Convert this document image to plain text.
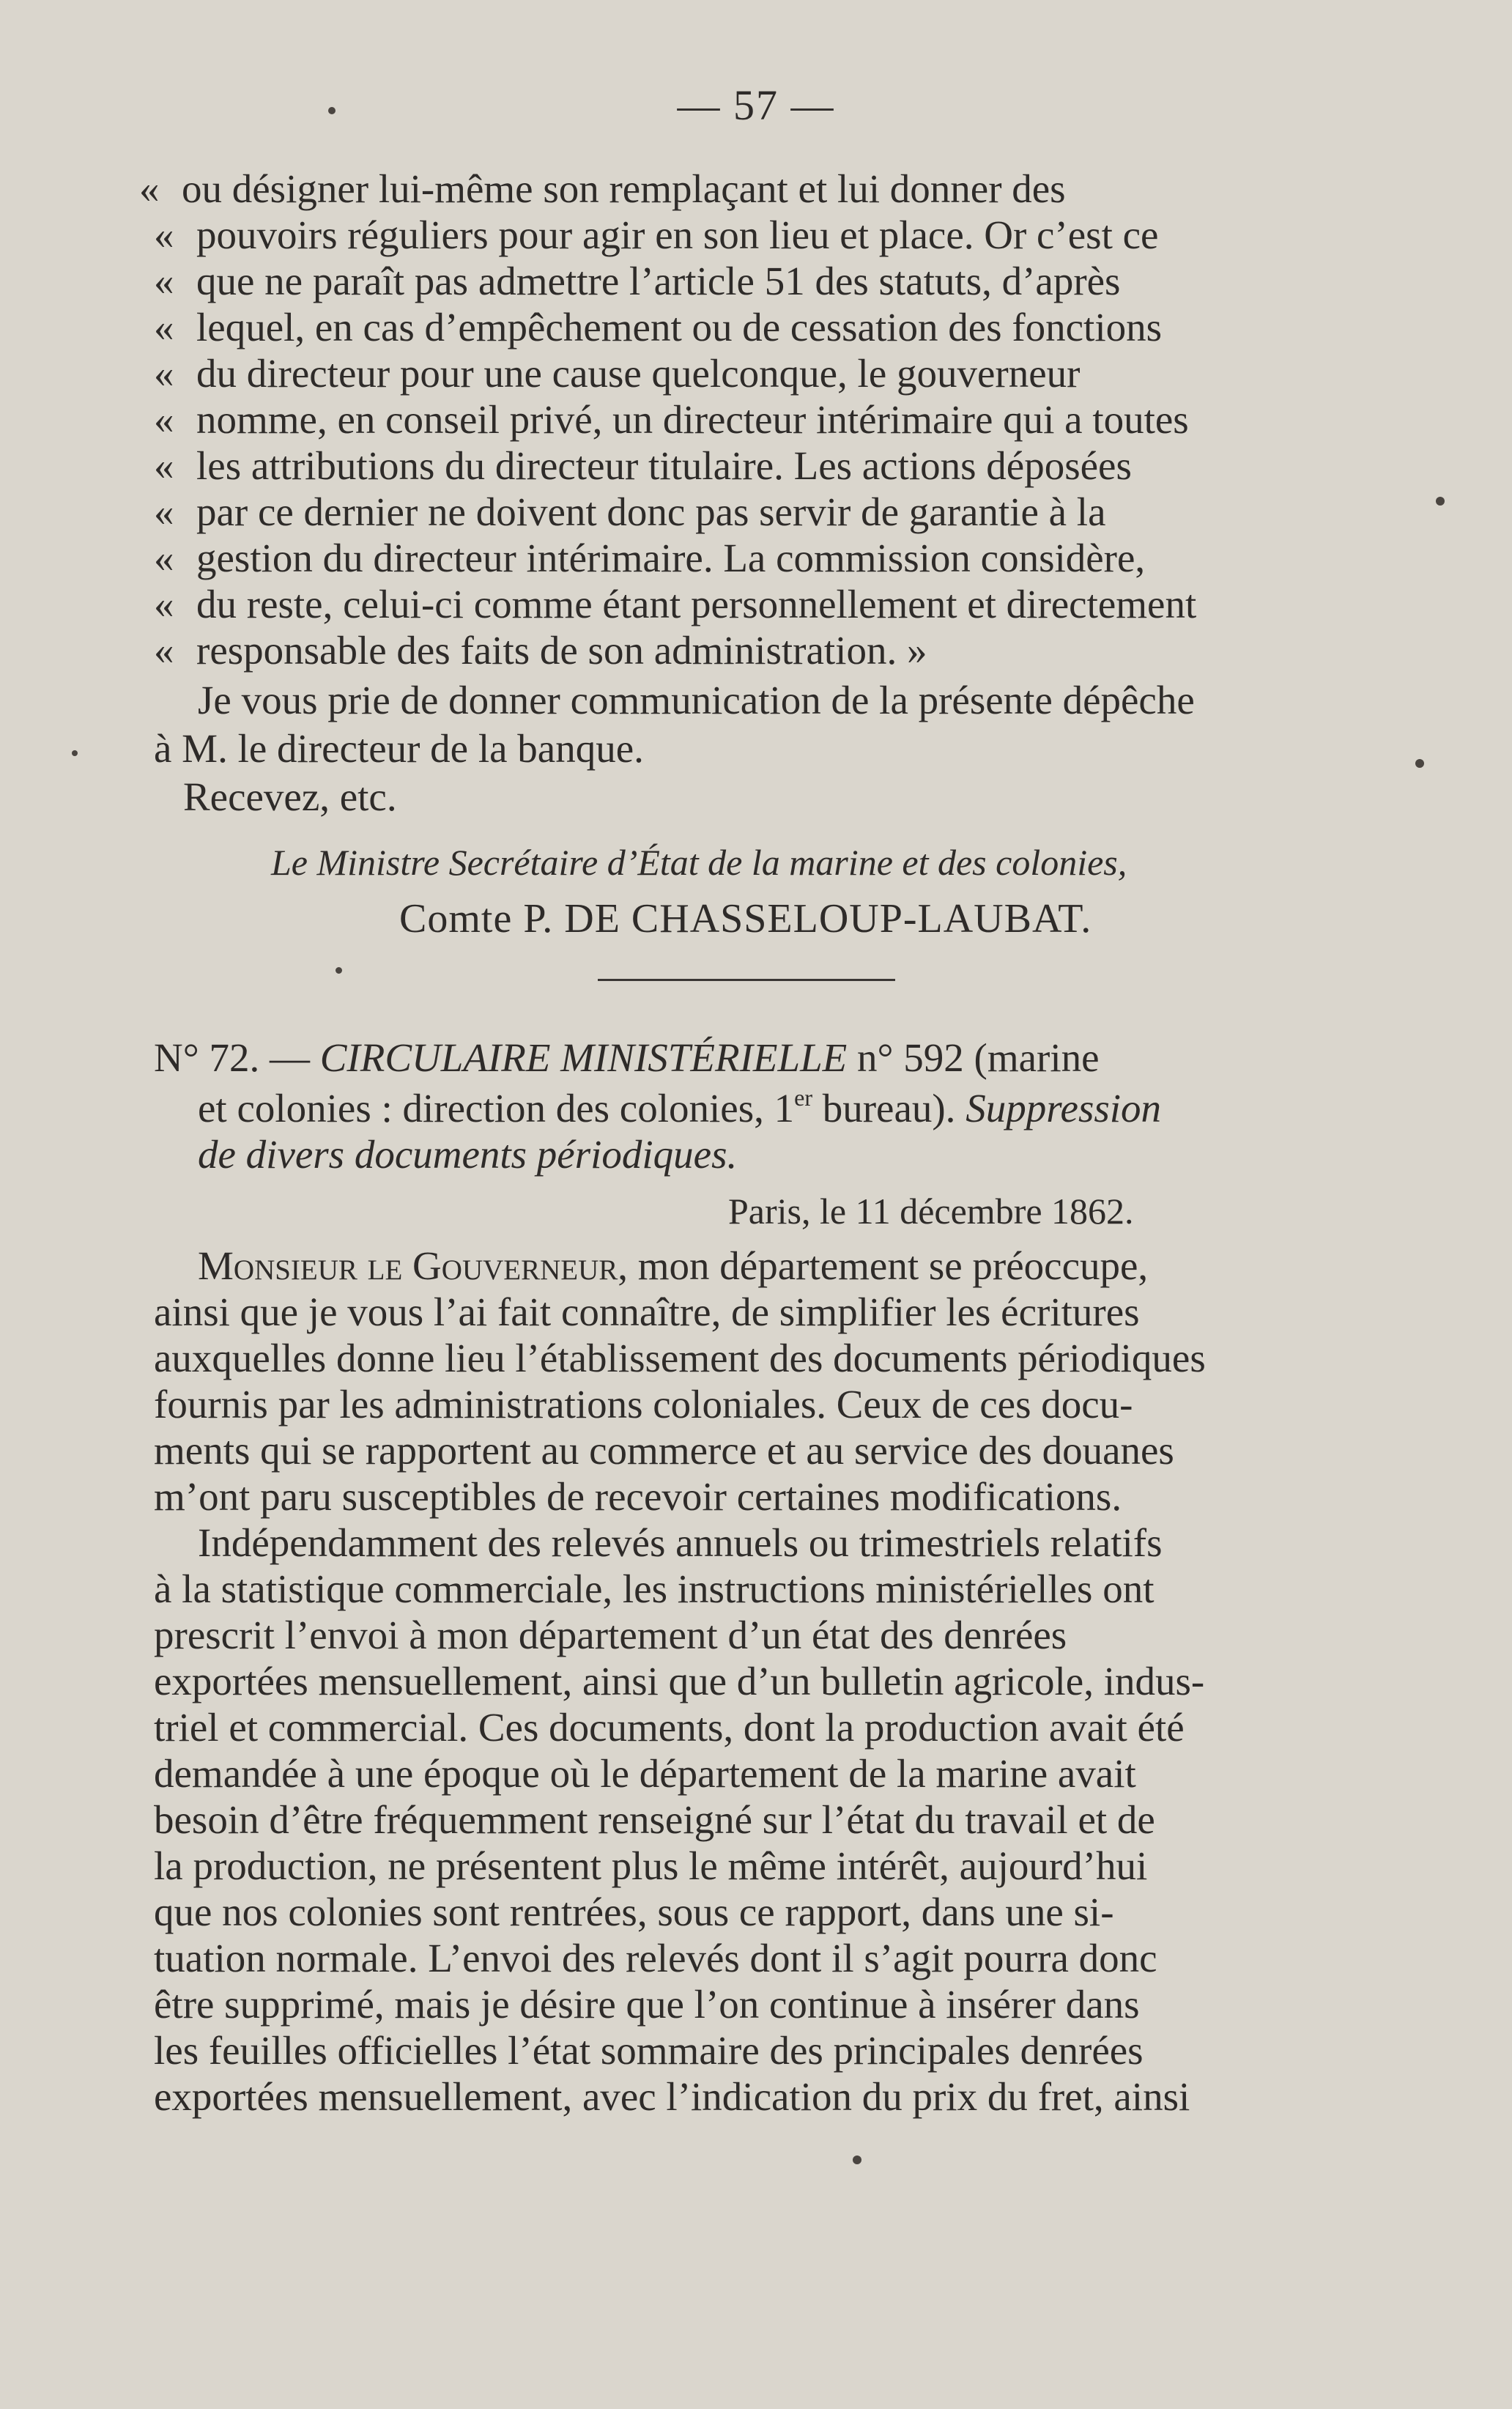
— 57 —
« ou désigner lui-même son remplaçant et lui donner des
« pouvoirs réguliers pour agir en son lieu et place. Or c’est ce
« que ne paraît pas admettre l’article 51 des statuts, d’après
« lequel, en cas d’empêchement ou de cessation des fonctions
« du directeur pour une cause quelconque, le gouverneur
« nomme, en conseil privé, un directeur intérimaire qui a toutes
« les attributions du directeur titulaire. Les actions déposées
« par ce dernier ne doivent donc pas servir de garantie à la
« gestion du directeur intérimaire. La commission considère,
« du reste, celui-ci comme étant personnellement et directement
« responsable des faits de son administration. »
Je vous prie de donner communication de la présente dépêche
à M. le directeur de la banque.
Recevez, etc.
Le Ministre Secrétaire d’État de la marine et des colonies,
Comte P. DE CHASSELOUP-LAUBAT.
N° 72. — CIRCULAIRE MINISTÉRIELLE n° 592 (marine
et colonies : direction des colonies, 1er bureau). Suppression
de divers documents périodiques.
Paris, le 11 décembre 1862.
Monsieur le Gouverneur, mon département se préoccupe,
ainsi que je vous l’ai fait connaître, de simplifier les écritures
auxquelles donne lieu l’établissement des documents périodiques
fournis par les administrations coloniales. Ceux de ces docu-
ments qui se rapportent au commerce et au service des douanes
m’ont paru susceptibles de recevoir certaines modifications.
Indépendamment des relevés annuels ou trimestriels relatifs
à la statistique commerciale, les instructions ministérielles ont
prescrit l’envoi à mon département d’un état des denrées
exportées mensuellement, ainsi que d’un bulletin agricole, indus-
triel et commercial. Ces documents, dont la production avait été
demandée à une époque où le département de la marine avait
besoin d’être fréquemment renseigné sur l’état du travail et de
la production, ne présentent plus le même intérêt, aujourd’hui
que nos colonies sont rentrées, sous ce rapport, dans une si-
tuation normale. L’envoi des relevés dont il s’agit pourra donc
être supprimé, mais je désire que l’on continue à insérer dans
les feuilles officielles l’état sommaire des principales denrées
exportées mensuellement, avec l’indication du prix du fret, ainsi
